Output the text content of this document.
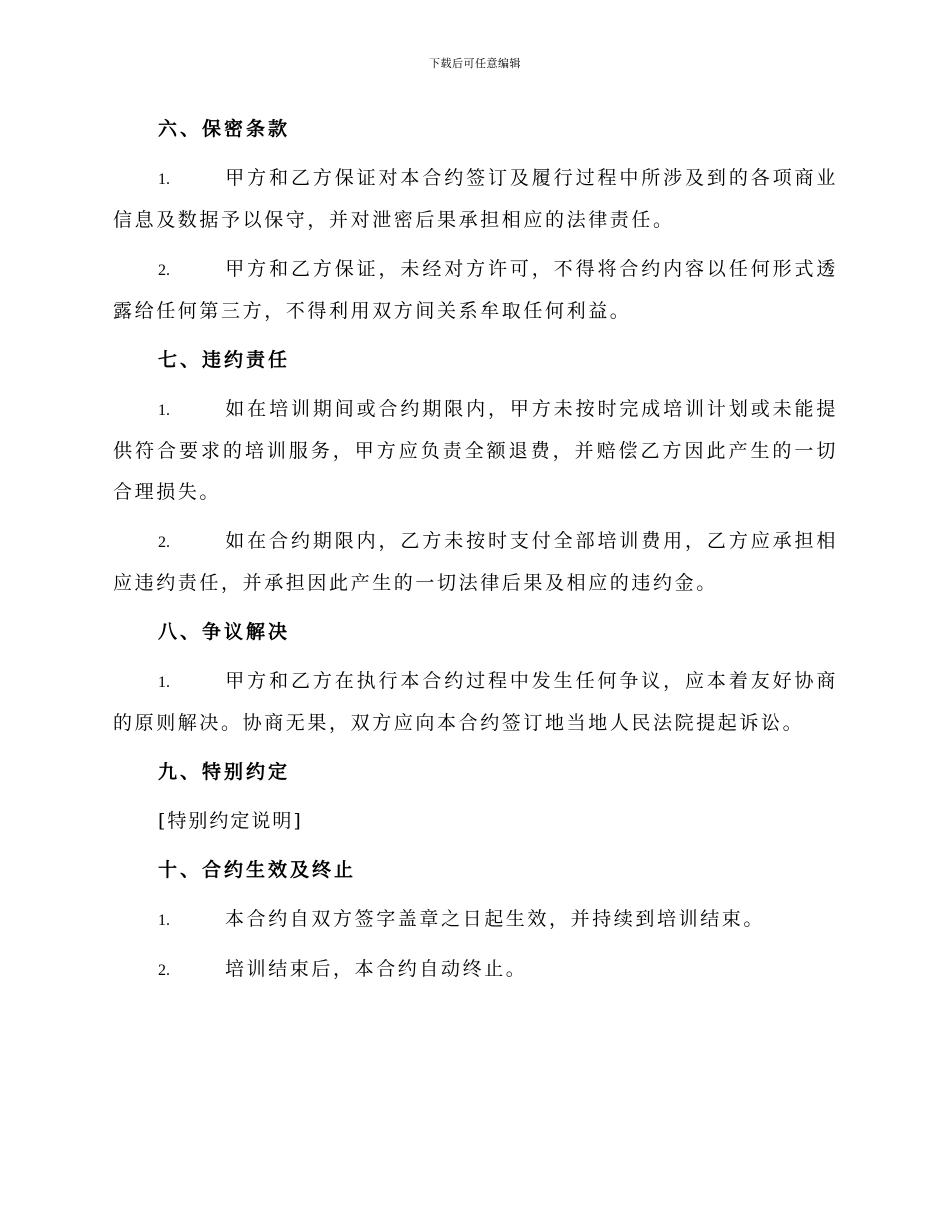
下载后可任意编辑
六、保密条款

1.	甲方和乙方保证对本合约签订及履行过程中所涉及到的各项商业信息及数据予以保守，并对泄密后果承担相应的法律责任。

2.	甲方和乙方保证，未经对方许可，不得将合约内容以任何形式透露给任何第三方，不得利用双方间关系牟取任何利益。

七、违约责任

1.	如在培训期间或合约期限内，甲方未按时完成培训计划或未能提供符合要求的培训服务，甲方应负责全额退费，并赔偿乙方因此产生的一切合理损失。

2.	如在合约期限内，乙方未按时支付全部培训费用，乙方应承担相应违约责任，并承担因此产生的一切法律后果及相应的违约金。

八、争议解决

1.	甲方和乙方在执行本合约过程中发生任何争议，应本着友好协商的原则解决。协商无果，双方应向本合约签订地当地人民法院提起诉讼。

九、特别约定

[特别约定说明]

十、合约生效及终止

1.	本合约自双方签字盖章之日起生效，并持续到培训结束。

2.	培训结束后，本合约自动终止。
